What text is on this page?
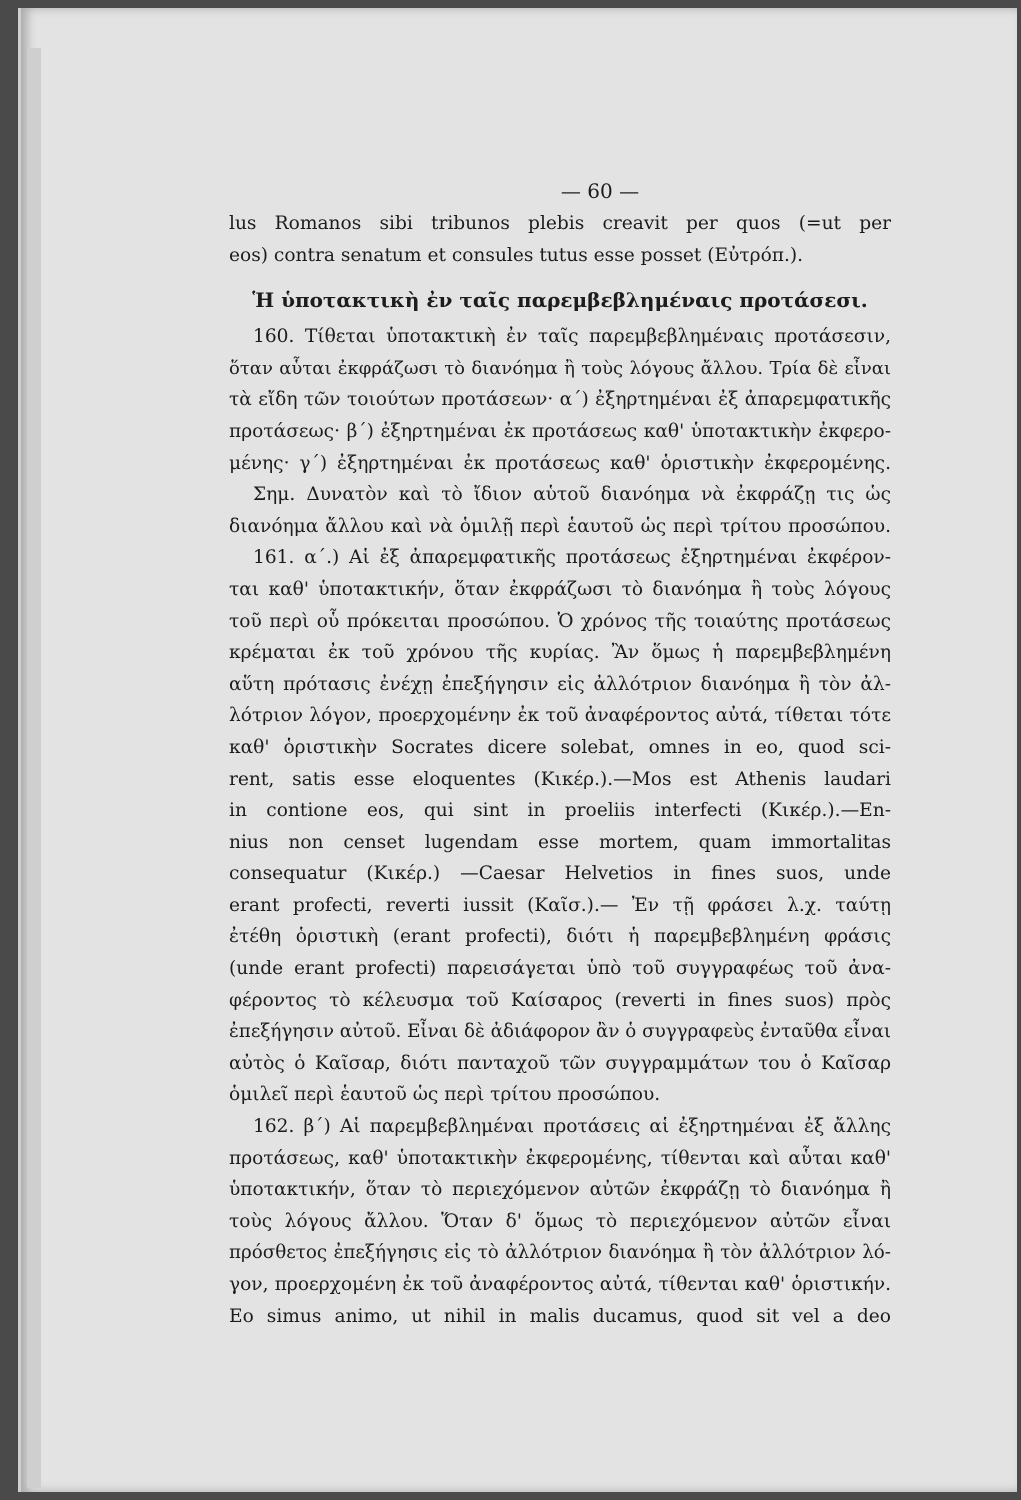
— 60 —
lus Romanos sibi tribunos plebis creavit per quos (=ut per
eos) contra senatum et consules tutus esse posset (Εὐτρόπ.).
Ἡ ὑποτακτικὴ ἐν ταῖς παρεμβεβλημέναις προτάσεσι.
160. Τίθεται ὑποτακτικὴ ἐν ταῖς παρεμβεβλημέναις προτάσεσιν,
ὅταν αὗται ἐκφράζωσι τὸ διανόημα ἢ τοὺς λόγους ἄλλου. Τρία δὲ εἶναι
τὰ εἴδη τῶν τοιούτων προτάσεων· α´) ἐξηρτημέναι ἐξ ἀπαρεμφατικῆς
προτάσεως· β´) ἐξηρτημέναι ἐκ προτάσεως καθ' ὑποτακτικὴν ἐκφερο-
μένης· γ´) ἐξηρτημέναι ἐκ προτάσεως καθ' ὁριστικὴν ἐκφερομένης.
Σημ. Δυνατὸν καὶ τὸ ἴδιον αὑτοῦ διανόημα νὰ ἐκφράζῃ τις ὡς
διανόημα ἄλλου καὶ νὰ ὁμιλῇ περὶ ἑαυτοῦ ὡς περὶ τρίτου προσώπου.
161. α´.) Αἱ ἐξ ἀπαρεμφατικῆς προτάσεως ἐξηρτημέναι ἐκφέρον-
ται καθ' ὑποτακτικήν, ὅταν ἐκφράζωσι τὸ διανόημα ἢ τοὺς λόγους
τοῦ περὶ οὗ πρόκειται προσώπου. Ὁ χρόνος τῆς τοιαύτης προτάσεως
κρέμαται ἐκ τοῦ χρόνου τῆς κυρίας. Ἂν ὅμως ἡ παρεμβεβλημένη
αὕτη πρότασις ἐνέχῃ ἐπεξήγησιν εἰς ἀλλότριον διανόημα ἢ τὸν ἀλ-
λότριον λόγον, προερχομένην ἐκ τοῦ ἀναφέροντος αὐτά, τίθεται τότε
καθ' ὁριστικὴν Socrates dicere solebat, omnes in eo, quod sci-
rent, satis esse eloquentes (Κικέρ.).—Mos est Athenis laudari
in contione eos, qui sint in proeliis interfecti (Κικέρ.).—En-
nius non censet lugendam esse mortem, quam immortalitas
consequatur (Κικέρ.) —Caesar Helvetios in fines suos, unde
erant profecti, reverti iussit (Καῖσ.).— Ἐν τῇ φράσει λ.χ. ταύτῃ
ἐτέθη ὁριστικὴ (erant profecti), διότι ἡ παρεμβεβλημένη φράσις
(unde erant profecti) παρεισάγεται ὑπὸ τοῦ συγγραφέως τοῦ ἀνα-
φέροντος τὸ κέλευσμα τοῦ Καίσαρος (reverti in fines suos) πρὸς
ἐπεξήγησιν αὐτοῦ. Εἶναι δὲ ἀδιάφορον ἂν ὁ συγγραφεὺς ἐνταῦθα εἶναι
αὐτὸς ὁ Καῖσαρ, διότι πανταχοῦ τῶν συγγραμμάτων του ὁ Καῖσαρ
ὁμιλεῖ περὶ ἑαυτοῦ ὡς περὶ τρίτου προσώπου.
162. β´) Αἱ παρεμβεβλημέναι προτάσεις αἱ ἐξηρτημέναι ἐξ ἄλλης
προτάσεως, καθ' ὑποτακτικὴν ἐκφερομένης, τίθενται καὶ αὗται καθ'
ὑποτακτικήν, ὅταν τὸ περιεχόμενον αὐτῶν ἐκφράζῃ τὸ διανόημα ἢ
τοὺς λόγους ἄλλου. Ὅταν δ' ὅμως τὸ περιεχόμενον αὐτῶν εἶναι
πρόσθετος ἐπεξήγησις εἰς τὸ ἀλλότριον διανόημα ἢ τὸν ἀλλότριον λό-
γον, προερχομένη ἐκ τοῦ ἀναφέροντος αὐτά, τίθενται καθ' ὁριστικήν.
Eo simus animo, ut nihil in malis ducamus, quod sit vel a deo
